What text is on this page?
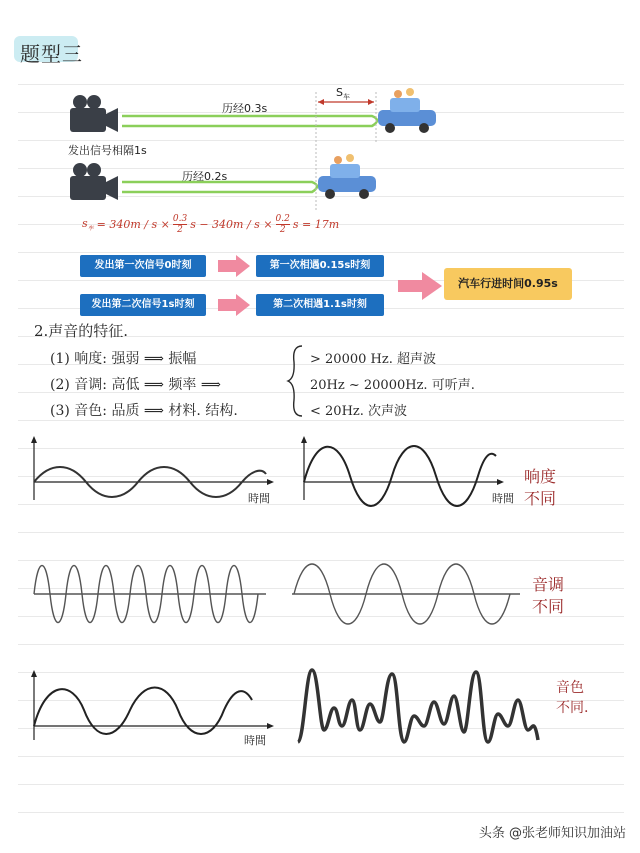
题型三
$S_车$
历经0.3s
历经0.2s
发出信号相隔1s
$s_车 = 340m / s \times \frac{0.3}{2}$ $s - 340m / s \times \frac{0.2}{2}$ s = 17m
发出第一次信号0时刻	第一次相遇0.15s时刻
发出第二次信号1s时刻	第二次相遇1.1s时刻
汽车行进时间0.95s
2.声音的特征.
(1) 响度: 强弱 ⟹ 振幅
(2) 音调: 高低 ⟹ 频率 ⟹
(3) 音色: 品质 ⟹ 材料. 结构.
> 20000 Hz. 超声波
20Hz ~ 20000Hz. 可听声.
< 20Hz. 次声波
時間	時間
响度
不同
音调
不同
時間
音色
不同.
头条 @张老师知识加油站
